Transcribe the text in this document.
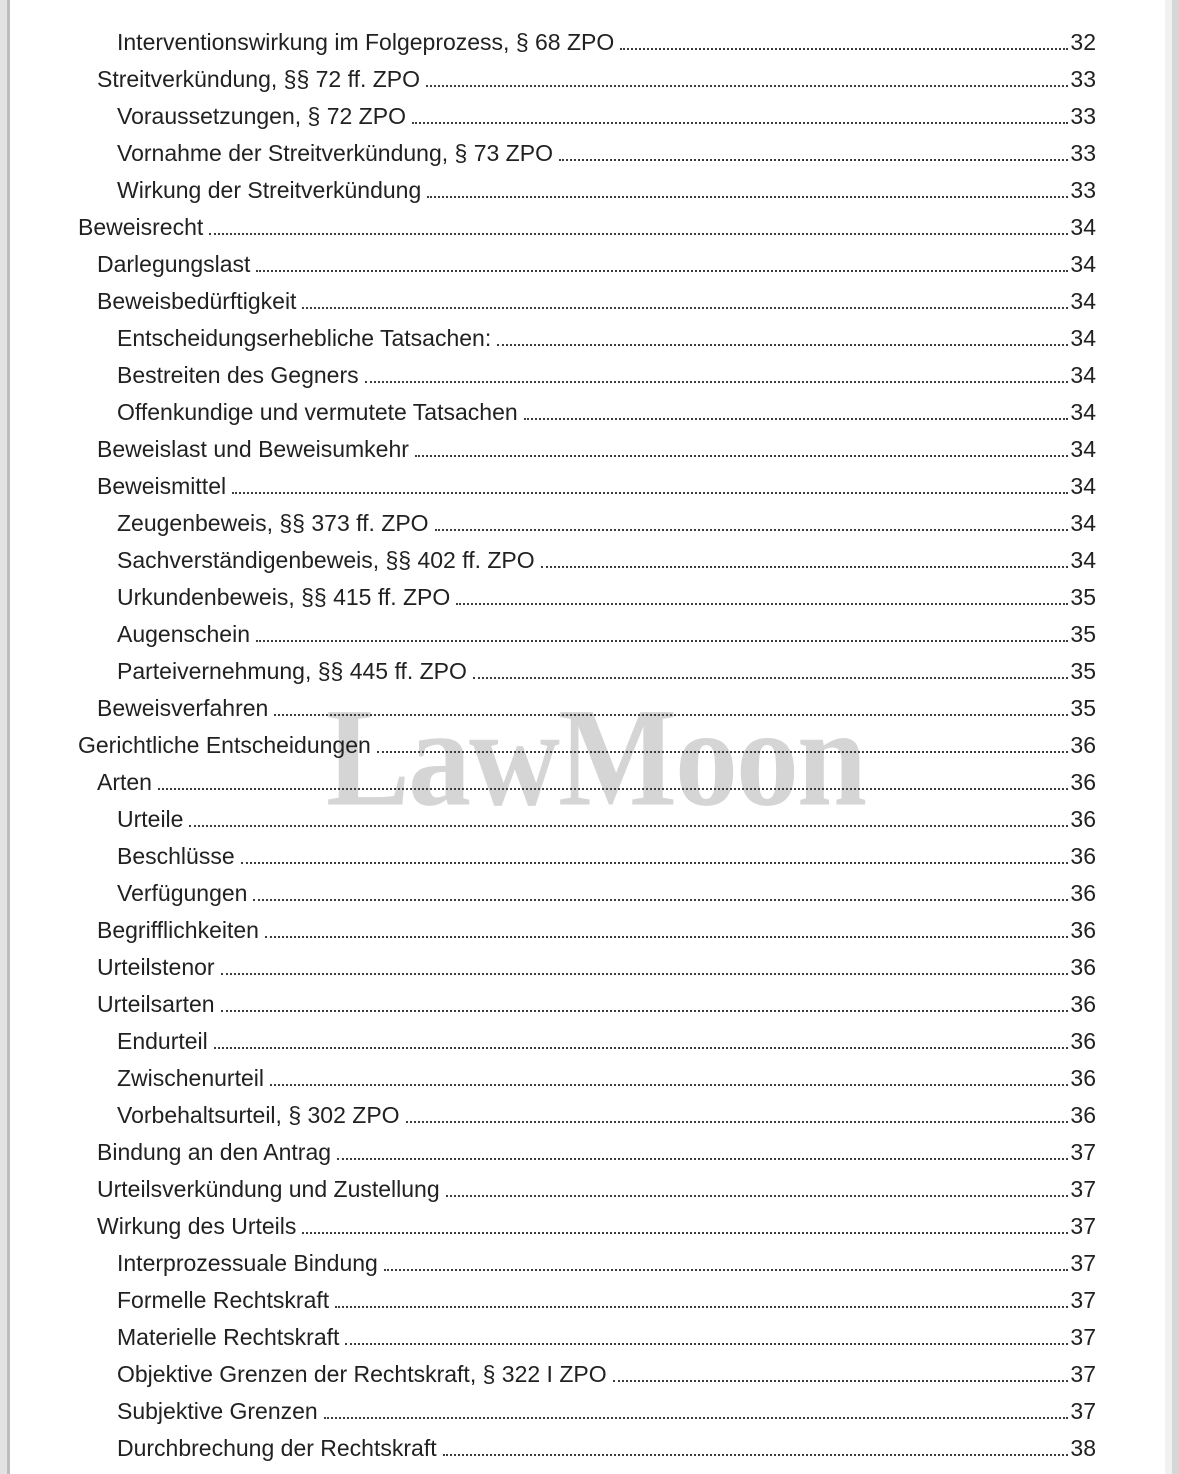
LawMoon
Interventionswirkung im Folgeprozess, § 68 ZPO	32
Streitverkündung, §§ 72 ff. ZPO	33
Voraussetzungen, § 72 ZPO	33
Vornahme der Streitverkündung, § 73 ZPO	33
Wirkung der Streitverkündung	33
Beweisrecht	34
Darlegungslast	34
Beweisbedürftigkeit	34
Entscheidungserhebliche Tatsachen:	34
Bestreiten des Gegners	34
Offenkundige und vermutete Tatsachen	34
Beweislast und Beweisumkehr	34
Beweismittel	34
Zeugenbeweis, §§ 373 ff. ZPO	34
Sachverständigenbeweis, §§ 402 ff. ZPO	34
Urkundenbeweis, §§ 415 ff. ZPO	35
Augenschein	35
Parteivernehmung, §§ 445 ff. ZPO	35
Beweisverfahren	35
Gerichtliche Entscheidungen	36
Arten	36
Urteile	36
Beschlüsse	36
Verfügungen	36
Begrifflichkeiten	36
Urteilstenor	36
Urteilsarten	36
Endurteil	36
Zwischenurteil	36
Vorbehaltsurteil, § 302 ZPO	36
Bindung an den Antrag	37
Urteilsverkündung und Zustellung	37
Wirkung des Urteils	37
Interprozessuale Bindung	37
Formelle Rechtskraft	37
Materielle Rechtskraft	37
Objektive Grenzen der Rechtskraft, § 322 I ZPO	37
Subjektive Grenzen	37
Durchbrechung der Rechtskraft	38
